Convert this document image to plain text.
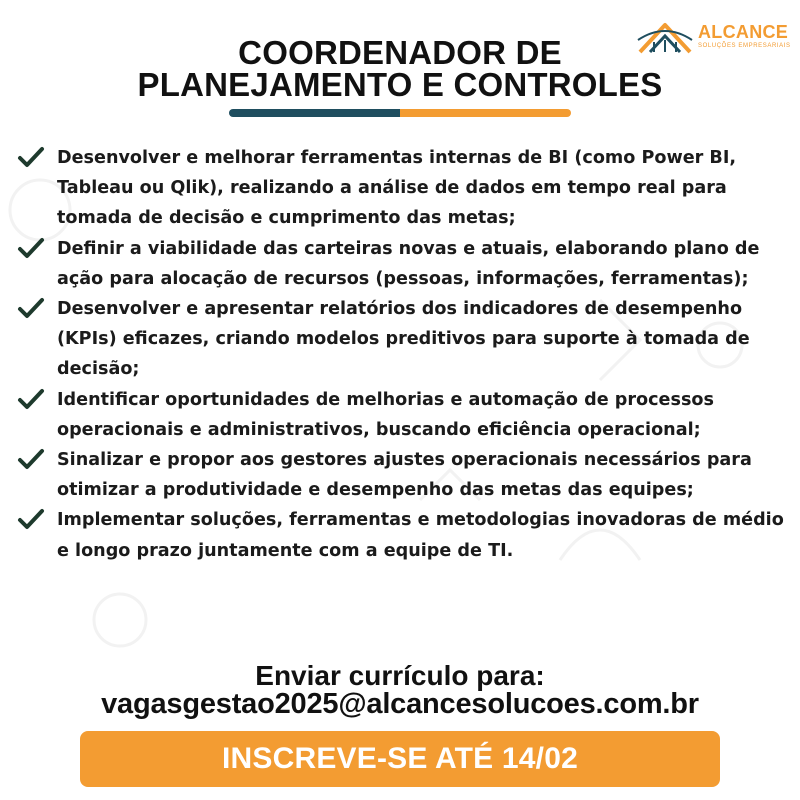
ALCANCE
SOLUÇÕES EMPRESARIAIS
COORDENADOR DE
PLANEJAMENTO E CONTROLES
Desenvolver e melhorar ferramentas internas de BI (como Power BI, Tableau ou Qlik), realizando a análise de dados em tempo real para tomada de decisão e cumprimento das metas;
Definir a viabilidade das carteiras novas e atuais, elaborando plano de ação para alocação de recursos (pessoas, informações, ferramentas);
Desenvolver e apresentar relatórios dos indicadores de desempenho (KPIs) eficazes, criando modelos preditivos para suporte à tomada de decisão;
Identificar oportunidades de melhorias e automação de processos operacionais e administrativos, buscando eficiência operacional;
Sinalizar e propor aos gestores ajustes operacionais necessários para otimizar a produtividade e desempenho das metas das equipes;
Implementar soluções, ferramentas e metodologias inovadoras de médio e longo prazo juntamente com a equipe de TI.
Enviar currículo para:
vagasgestao2025@alcancesolucoes.com.br
INSCREVE-SE ATÉ 14/02
